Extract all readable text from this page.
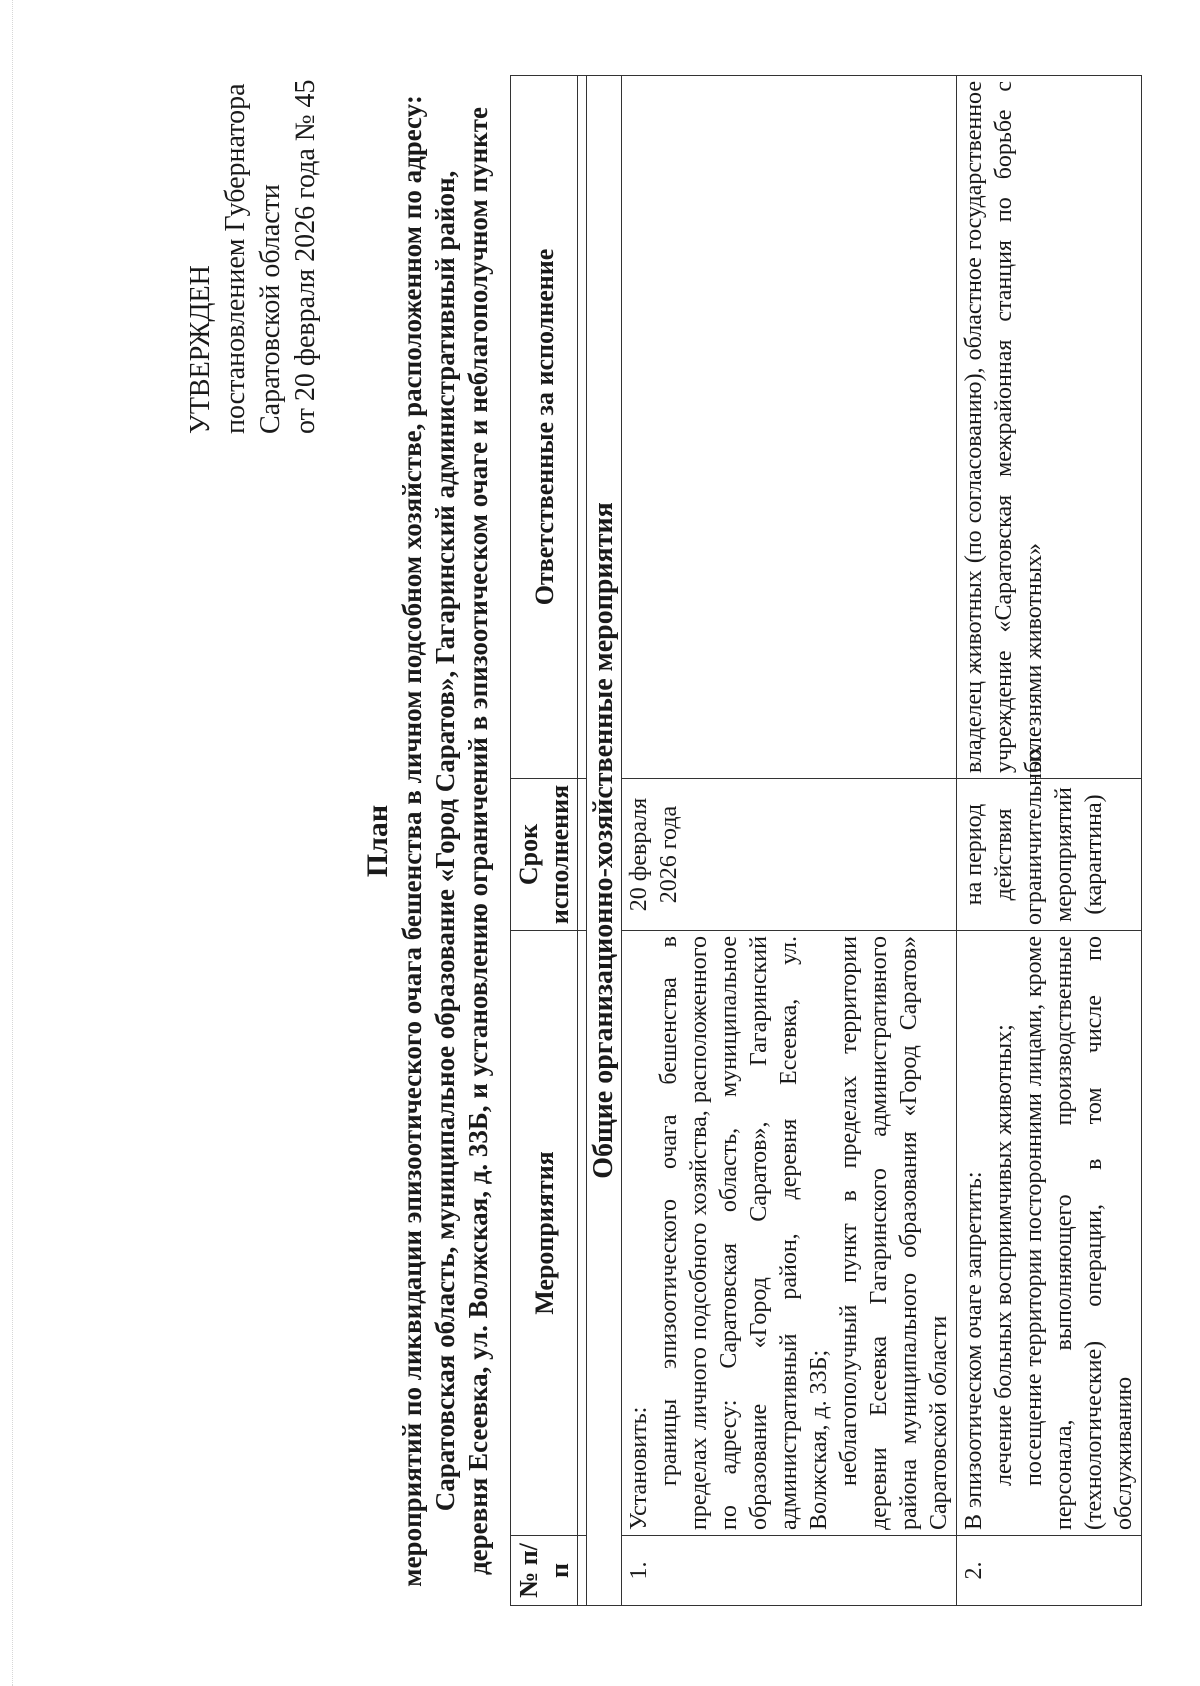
УТВЕРЖДЕН постановлением Губернатора Саратовской области от 20 февраля 2026 года № 45
План мероприятий по ликвидации эпизоотического очага бешенства в личном подсобном хозяйстве, расположенном по адресу: Саратовская область, муниципальное образование «Город Саратов», Гагаринский административный район, деревня Есеевка, ул. Волжская, д. 33Б, и установлению ограничений в эпизоотическом очаге и неблагополучном пункте № п/п	Мероприятия	Срок исполнения	Ответственные за исполнение

Общие организационно-хозяйственные мероприятия			
1.	Установить: границы эпизоотического очага бешенства в пределах личного подсобного хозяйства, расположенного по адресу: Саратовская область, муниципальное образование «Город Саратов», Гагаринский административный район, деревня Есеевка, ул. Волжская, д. 33Б; неблагополучный пункт в пределах территории деревни Есеевка Гагаринского административного района муниципального образования «Город Саратов» Саратовской области	20 февраля 2026 года	
2.	В эпизоотическом очаге запретить: лечение больных восприимчивых животных; посещение территории посторонними лицами, кроме персонала, выполняющего производственные (технологические) операции, в том числе по обслуживанию	на период действия ограничительных мероприятий (карантина)	владелец животных (по согласованию), областное государственное учреждение «Саратовская межрайонная станция по борьбе с болезнями животных»
